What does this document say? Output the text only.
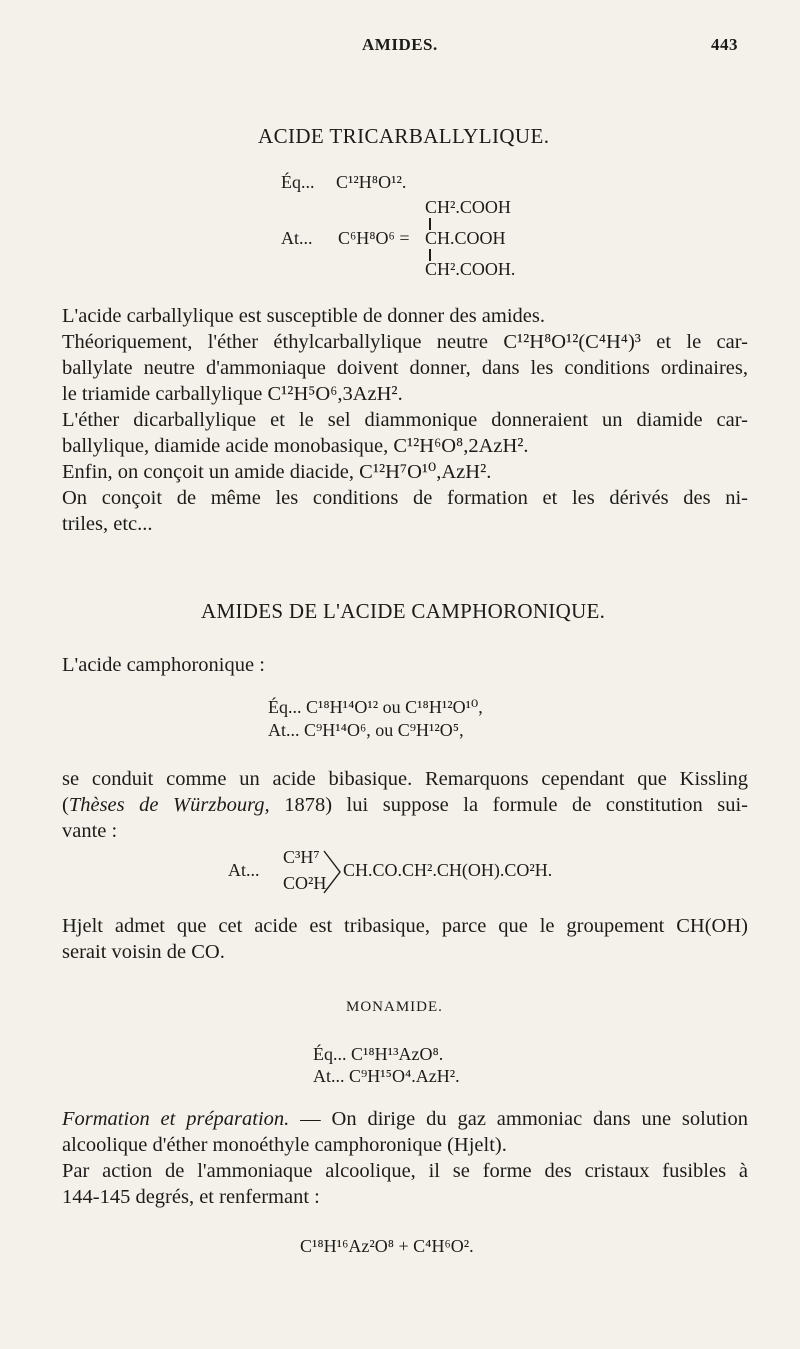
AMIDES.	443
ACIDE TRICARBALLYLIQUE.
Éq... C¹²H⁸O¹².
CH².COOH
At... C⁶H⁸O⁶ = CH.COOH
CH².COOH.
L'acide carballylique est susceptible de donner des amides.
Théoriquement, l'éther éthylcarballylique neutre C¹²H⁸O¹²(C⁴H⁴)³ et le car-
ballylate neutre d'ammoniaque doivent donner, dans les conditions ordinaires,
le triamide carballylique C¹²H⁵O⁶,3AzH².
L'éther dicarballylique et le sel diammonique donneraient un diamide car-
ballylique, diamide acide monobasique, C¹²H⁶O⁸,2AzH².
Enfin, on conçoit un amide diacide, C¹²H⁷O¹⁰,AzH².
On conçoit de même les conditions de formation et les dérivés des ni-
triles, etc...
AMIDES DE L'ACIDE CAMPHORONIQUE.
L'acide camphoronique :
Éq... C¹⁸H¹⁴O¹² ou C¹⁸H¹²O¹⁰,
At... C⁹H¹⁴O⁶, ou C⁹H¹²O⁵,
se conduit comme un acide bibasique. Remarquons cependant que Kissling
(Thèses de Würzbourg, 1878) lui suppose la formule de constitution sui-
vante :
At...
C³H⁷
CO²H
CH.CO.CH².CH(OH).CO²H.
Hjelt admet que cet acide est tribasique, parce que le groupement CH(OH)
serait voisin de CO.
MONAMIDE.
Éq... C¹⁸H¹³AzO⁸.
At... C⁹H¹⁵O⁴.AzH².
Formation et préparation. — On dirige du gaz ammoniac dans une solution
alcoolique d'éther monoéthyle camphoronique (Hjelt).
Par action de l'ammoniaque alcoolique, il se forme des cristaux fusibles à
144-145 degrés, et renfermant :
C¹⁸H¹⁶Az²O⁸ + C⁴H⁶O².
